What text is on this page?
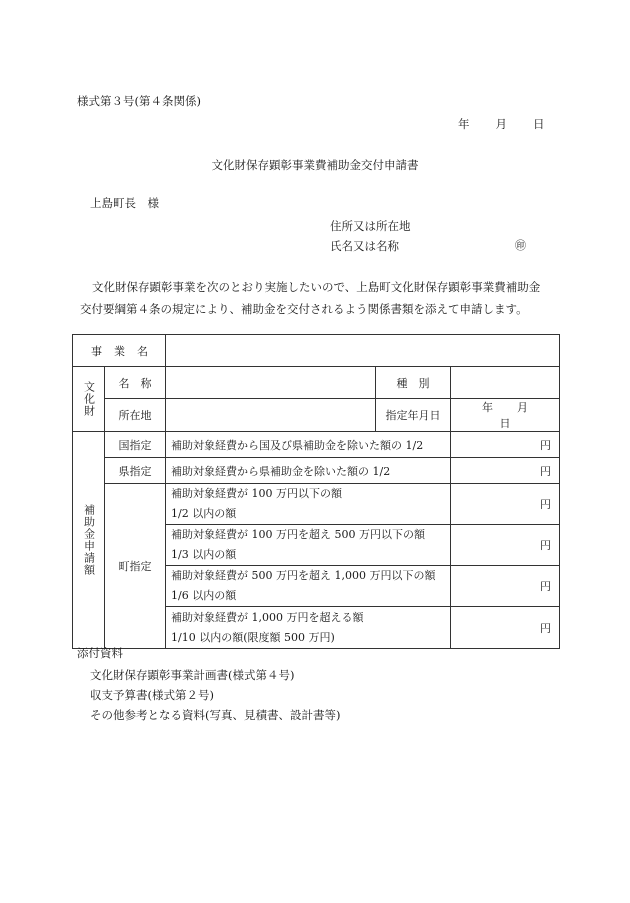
様式第３号(第４条関係)
年 月 日
文化財保存顕彰事業費補助金交付申請書
上島町長　様
住所又は所在地
氏名又は名称	㊞

文化財保存顕彰事業を次のとおり実施したいので、上島町文化財保存顕彰事業費補助金

交付要綱第４条の規定により、補助金を交付されるよう関係書類を添えて申請します。

事業名				
文化財	名　称		種　別	
	所在地		指定年月日	年 月日
補助金申請額	国指定	補助対象経費から国及び県補助金を除いた額の 1/2		円
	県指定	補助対象経費から県補助金を除いた額の 1/2		円
	町指定	補助対象経費が 100 万円以下の額
1/2 以内の額		円

		補助対象経費が 100 万円を超え 500 万円以下の額
1/3 以内の額		円

		補助対象経費が 500 万円を超え 1,000 万円以下の額
1/6 以内の額		円

		補助対象経費が 1,000 万円を超える額
1/10 以内の額(限度額 500 万円)		円
添付資料
文化財保存顕彰事業計画書(様式第４号)
収支予算書(様式第２号)
その他参考となる資料(写真、見積書、設計書等)
